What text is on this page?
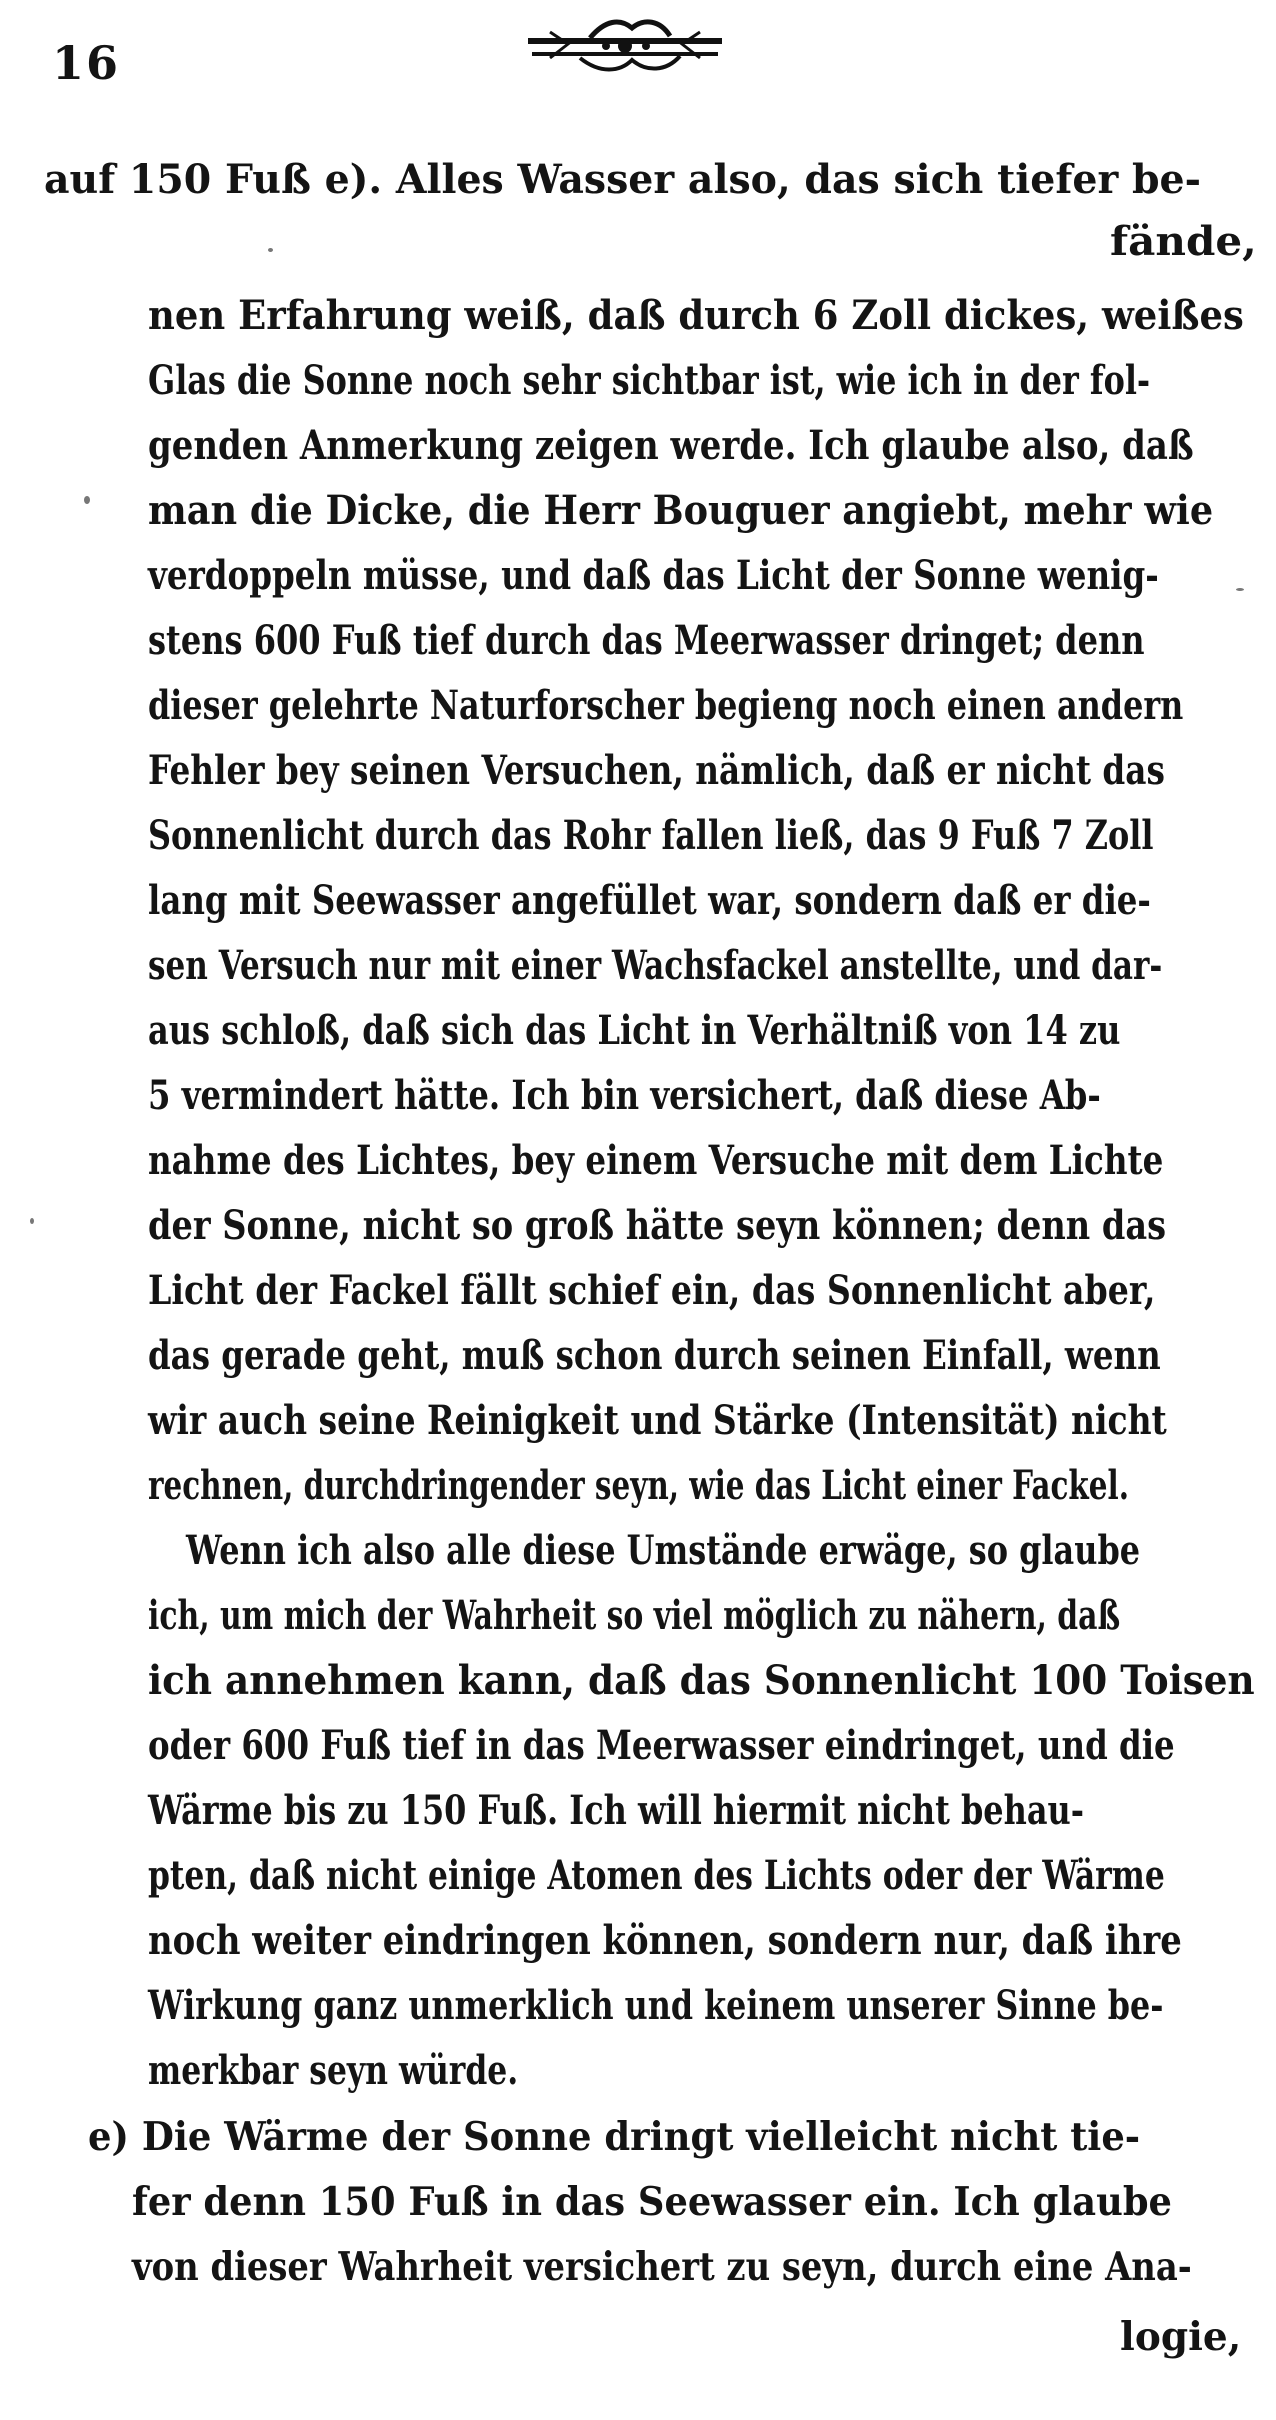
16
auf 150 Fuß e). Alles Wasser also, das sich tiefer be-
fände,
nen Erfahrung weiß, daß durch 6 Zoll dickes, weißes
Glas die Sonne noch sehr sichtbar ist, wie ich in der fol-
genden Anmerkung zeigen werde. Ich glaube also, daß
man die Dicke, die Herr Bouguer angiebt, mehr wie
verdoppeln müsse, und daß das Licht der Sonne wenig-
stens 600 Fuß tief durch das Meerwasser dringet; denn
dieser gelehrte Naturforscher begieng noch einen andern
Fehler bey seinen Versuchen, nämlich, daß er nicht das
Sonnenlicht durch das Rohr fallen ließ, das 9 Fuß 7 Zoll
lang mit Seewasser angefüllet war, sondern daß er die-
sen Versuch nur mit einer Wachsfackel anstellte, und dar-
aus schloß, daß sich das Licht in Verhältniß von 14 zu
5 vermindert hätte. Ich bin versichert, daß diese Ab-
nahme des Lichtes, bey einem Versuche mit dem Lichte
der Sonne, nicht so groß hätte seyn können; denn das
Licht der Fackel fällt schief ein, das Sonnenlicht aber,
das gerade geht, muß schon durch seinen Einfall, wenn
wir auch seine Reinigkeit und Stärke (Intensität) nicht
rechnen, durchdringender seyn, wie das Licht einer Fackel.
Wenn ich also alle diese Umstände erwäge, so glaube
ich, um mich der Wahrheit so viel möglich zu nähern, daß
ich annehmen kann, daß das Sonnenlicht 100 Toisen
oder 600 Fuß tief in das Meerwasser eindringet, und die
Wärme bis zu 150 Fuß. Ich will hiermit nicht behau-
pten, daß nicht einige Atomen des Lichts oder der Wärme
noch weiter eindringen können, sondern nur, daß ihre
Wirkung ganz unmerklich und keinem unserer Sinne be-
merkbar seyn würde.
e) Die Wärme der Sonne dringt vielleicht nicht tie-
fer denn 150 Fuß in das Seewasser ein. Ich glaube
von dieser Wahrheit versichert zu seyn, durch eine Ana-
logie,
